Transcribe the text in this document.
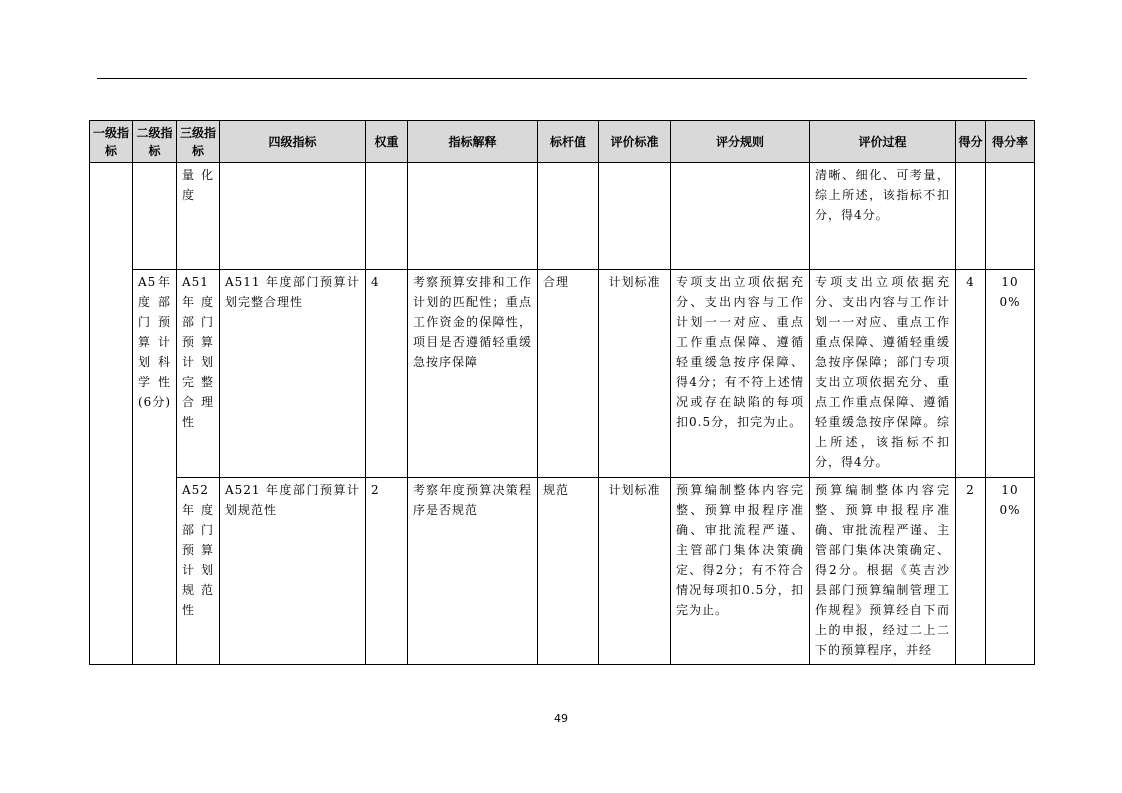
一级指标	二级指标	三级指标	四级指标	权重	指标解释	标杆值	评价标准	评分规则	评价过程	得分	得分率

		量化度							清晰、细化、可考量，综上所述，该指标不扣分，得4分。		

	A5年度部门预算计划科学性(6分)	A51年度部门预算计划完整合理性	A511 年度部门预算计划完整合理性	4	考察预算安排和工作计划的匹配性；重点工作资金的保障性，项目是否遵循轻重缓急按序保障	合理	计划标准	专项支出立项依据充分、支出内容与工作计划一一对应、重点工作重点保障、遵循轻重缓急按序保障、得4分；有不符上述情况或存在缺陷的每项扣0.5分，扣完为止。	专项支出立项依据充分、支出内容与工作计划一一对应、重点工作重点保障、遵循轻重缓急按序保障；部门专项支出立项依据充分、重点工作重点保障、遵循轻重缓急按序保障。综上所述，该指标不扣分，得4分。	4	100%

		A52年度部门预算计划规范性	A521 年度部门预算计划规范性	2	考察年度预算决策程序是否规范	规范	计划标准	预算编制整体内容完整、预算申报程序准确、审批流程严谨、主管部门集体决策确定、得2分；有不符合情况每项扣0.5分，扣完为止。	预算编制整体内容完整、预算申报程序准确、审批流程严谨、主管部门集体决策确定、得2分。根据《英吉沙县部门预算编制管理工作规程》预算经自下而上的申报，经过二上二下的预算程序，并经	2	100%
49
